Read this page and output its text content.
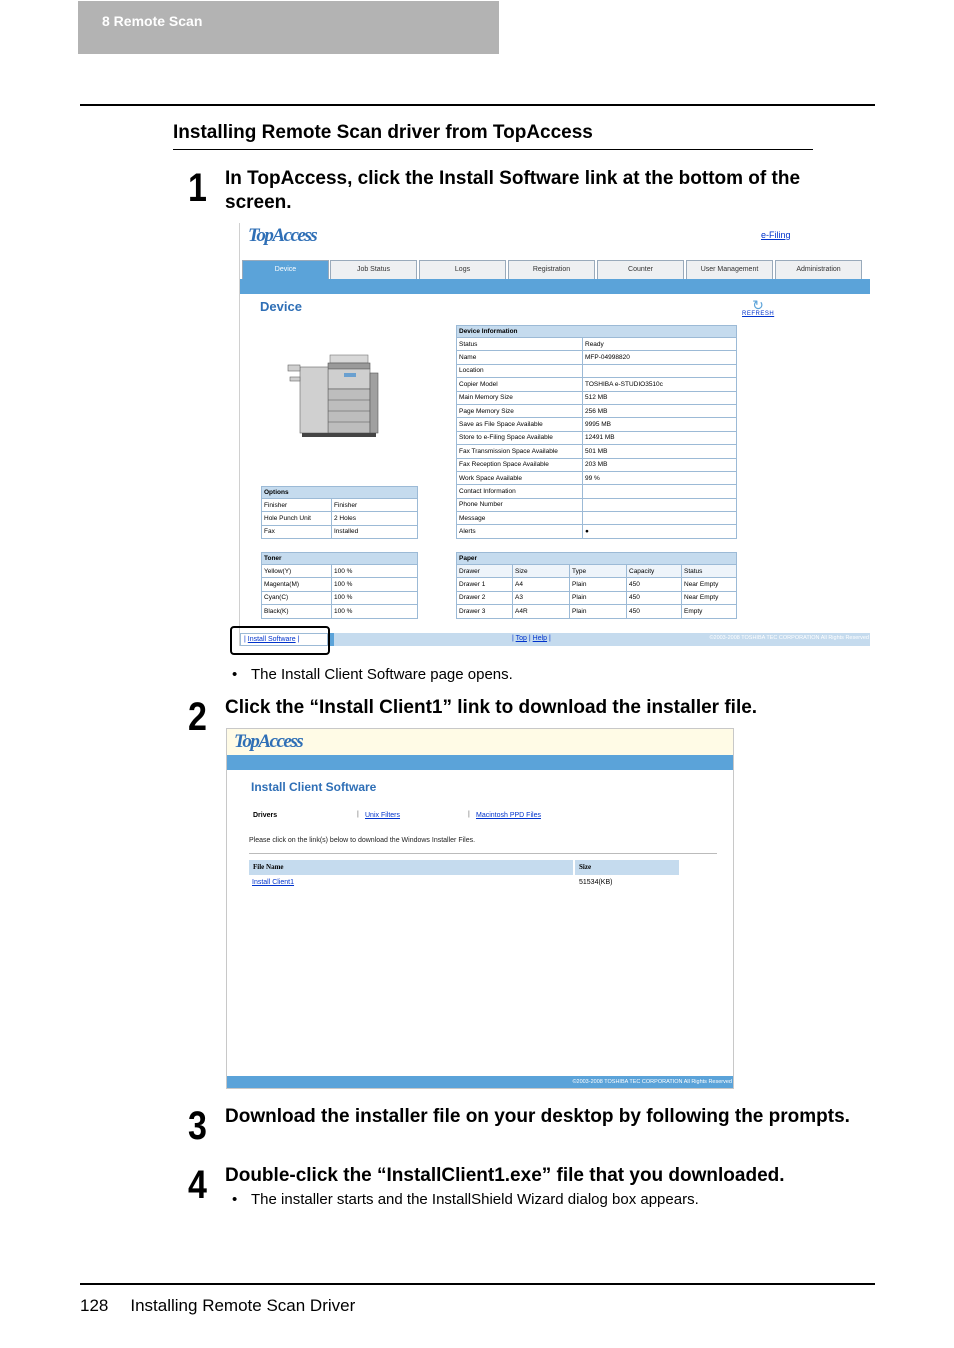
8 Remote Scan
Installing Remote Scan driver from TopAccess
1 In TopAccess, click the Install Software link at the bottom of the screen.
TopAccess	e-Filing
Device	Job Status	Logs	Registration	Counter	User Management	Administration
Device	↻
REFRESH
Device Information	
Status	Ready
Name	MFP-04998820
Location	
Copier Model	TOSHIBA e-STUDIO3510c
Main Memory Size	512 MB
Page Memory Size	256 MB
Save as File Space Available	9995 MB
Store to e-Filing Space Available	12491 MB
Fax Transmission Space Available	501 MB
Fax Reception Space Available	203 MB
Work Space Available	99 %
Contact Information	
Phone Number	
Message	
Alerts	●
Options	
Finisher	Finisher
Hole Punch Unit	2 Holes
Fax	Installed
Toner	
Yellow(Y)	100 %
Magenta(M)	100 %
Cyan(C)	100 %
Black(K)	100 %
Paper				
Drawer	Size	Type	Capacity	Status
Drawer 1	A4	Plain	450	Near Empty
Drawer 2	A3	Plain	450	Near Empty
Drawer 3	A4R	Plain	450	Empty
| Install Software |	| Top | Help |	©2003-2008 TOSHIBA TEC CORPORATION All Rights Reserved
• The Install Client Software page opens.
2 Click the “Install Client1” link to download the installer file.
TopAccess
Install Client Software
Drivers	| Unix Filters	| Macintosh PPD Files
Please click on the link(s) below to download the Windows Installer Files.
File Name	Size
Install Client1	51534(KB)
©2003-2008 TOSHIBA TEC CORPORATION All Rights Reserved
3 Download the installer file on your desktop by following the prompts.
4 Double-click the “InstallClient1.exe” file that you downloaded.
• The installer starts and the InstallShield Wizard dialog box appears.
128 Installing Remote Scan Driver
